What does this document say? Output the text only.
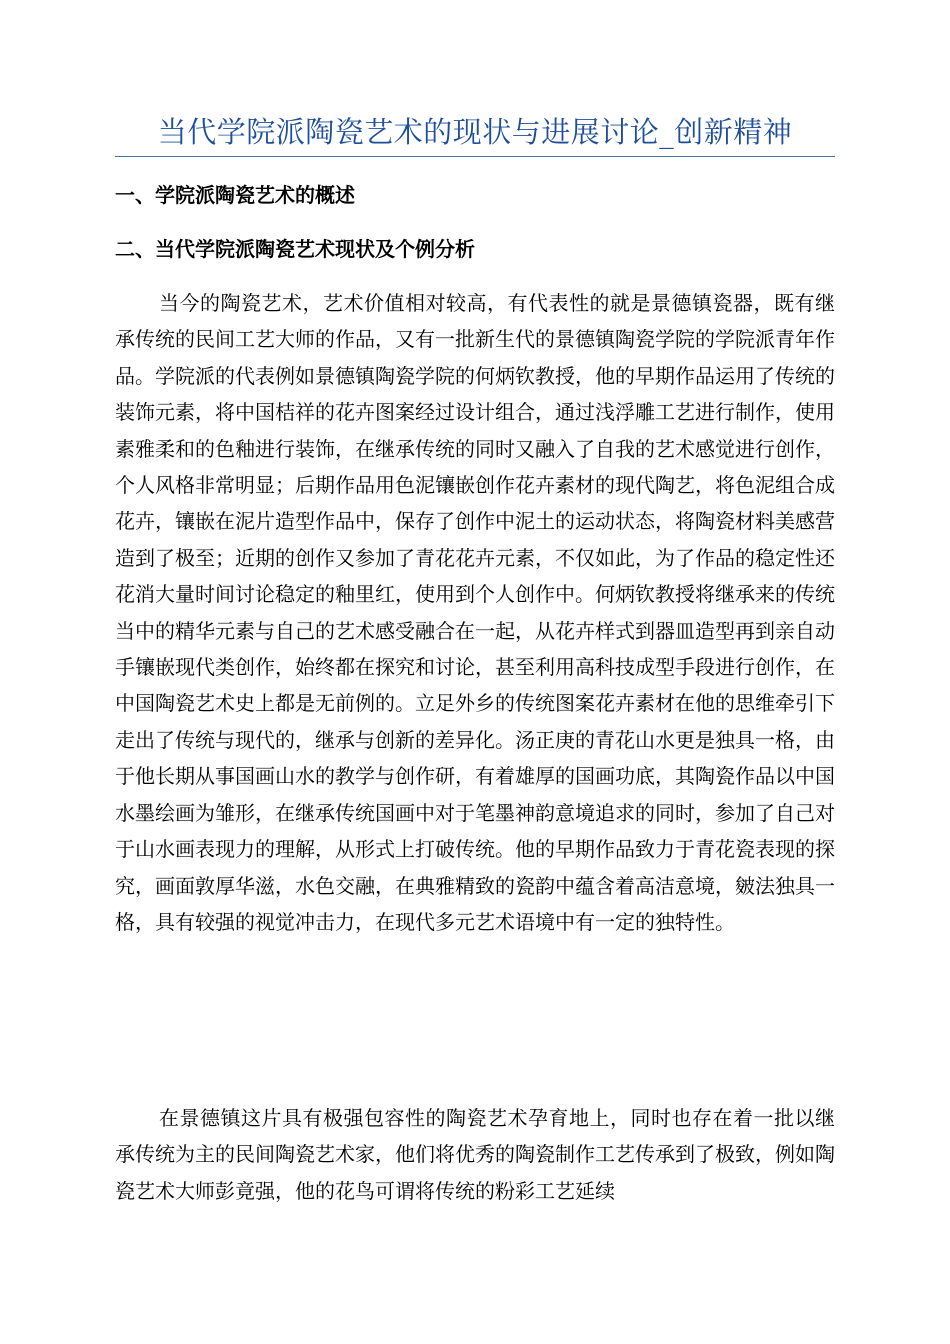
当代学院派陶瓷艺术的现状与进展讨论_创新精神
一、学院派陶瓷艺术的概述
二、当代学院派陶瓷艺术现状及个例分析

当今的陶瓷艺术，艺术价值相对较高，有代表性的就是景德镇瓷器，既有继承传统的民间工艺大师的作品，又有一批新生代的景德镇陶瓷学院的学院派青年作品。学院派的代表例如景德镇陶瓷学院的何炳钦教授，他的早期作品运用了传统的装饰元素，将中国桔祥的花卉图案经过设计组合，通过浅浮雕工艺进行制作，使用素雅柔和的色釉进行装饰，在继承传统的同时又融入了自我的艺术感觉进行创作，个人风格非常明显；后期作品用色泥镶嵌创作花卉素材的现代陶艺，将色泥组合成花卉，镶嵌在泥片造型作品中，保存了创作中泥土的运动状态，将陶瓷材料美感营造到了极至；近期的创作又参加了青花花卉元素，不仅如此，为了作品的稳定性还花消大量时间讨论稳定的釉里红，使用到个人创作中。何炳钦教授将继承来的传统当中的精华元素与自己的艺术感受融合在一起，从花卉样式到器皿造型再到亲自动手镶嵌现代类创作，始终都在探究和讨论，甚至利用高科技成型手段进行创作，在中国陶瓷艺术史上都是无前例的。立足外乡的传统图案花卉素材在他的思维牵引下走出了传统与现代的，继承与创新的差异化。汤正庚的青花山水更是独具一格，由于他长期从事国画山水的教学与创作研，有着雄厚的国画功底，其陶瓷作品以中国水墨绘画为雏形，在继承传统国画中对于笔墨神韵意境追求的同时，参加了自己对于山水画表现力的理解，从形式上打破传统。他的早期作品致力于青花瓷表现的探究，画面敦厚华滋，水色交融，在典雅精致的瓷韵中蕴含着高洁意境，皴法独具一格，具有较强的视觉冲击力，在现代多元艺术语境中有一定的独特性。

在景德镇这片具有极强包容性的陶瓷艺术孕育地上，同时也存在着一批以继承传统为主的民间陶瓷艺术家，他们将优秀的陶瓷制作工艺传承到了极致，例如陶瓷艺术大师彭竟强，他的花鸟可谓将传统的粉彩工艺延续
